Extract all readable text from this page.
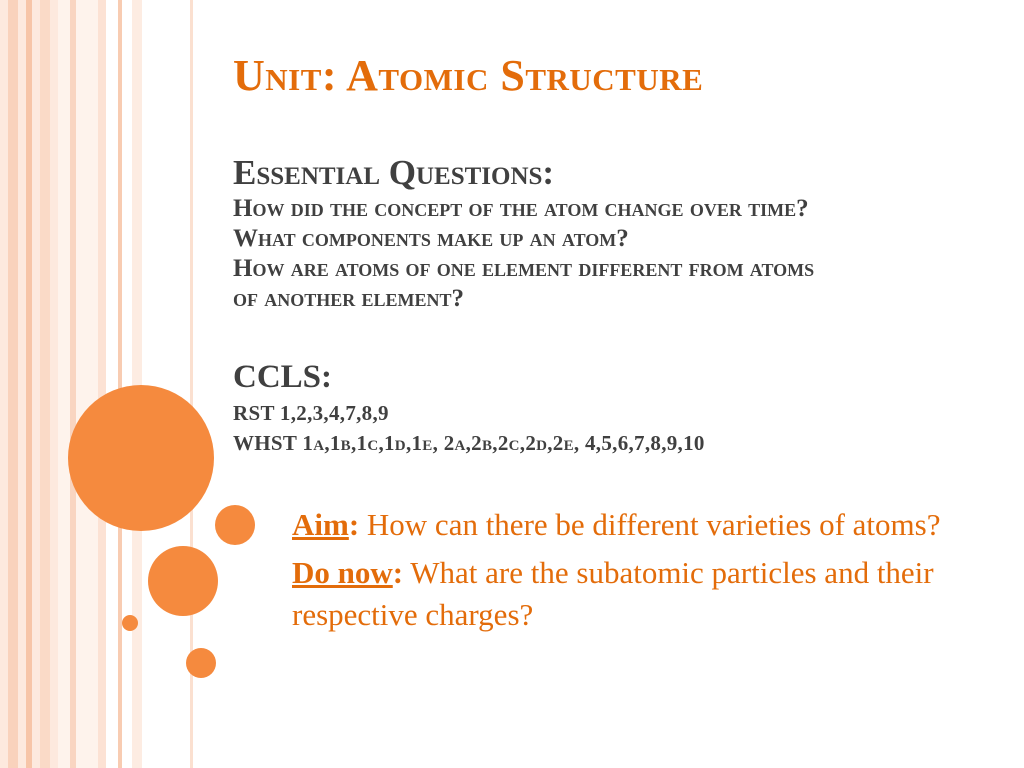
Unit: Atomic Structure
Essential Questions:
How did the concept of the atom change over time?
What components make up an atom?
How are atoms of one element different from atoms
of another element?
CCLS:
RST 1,2,3,4,7,8,9
WHST 1a,1b,1c,1d,1e, 2a,2b,2c,2d,2e, 4,5,6,7,8,9,10

Aim: How can there be different varieties of atoms?

Do now: What are the subatomic particles and their respective charges?
